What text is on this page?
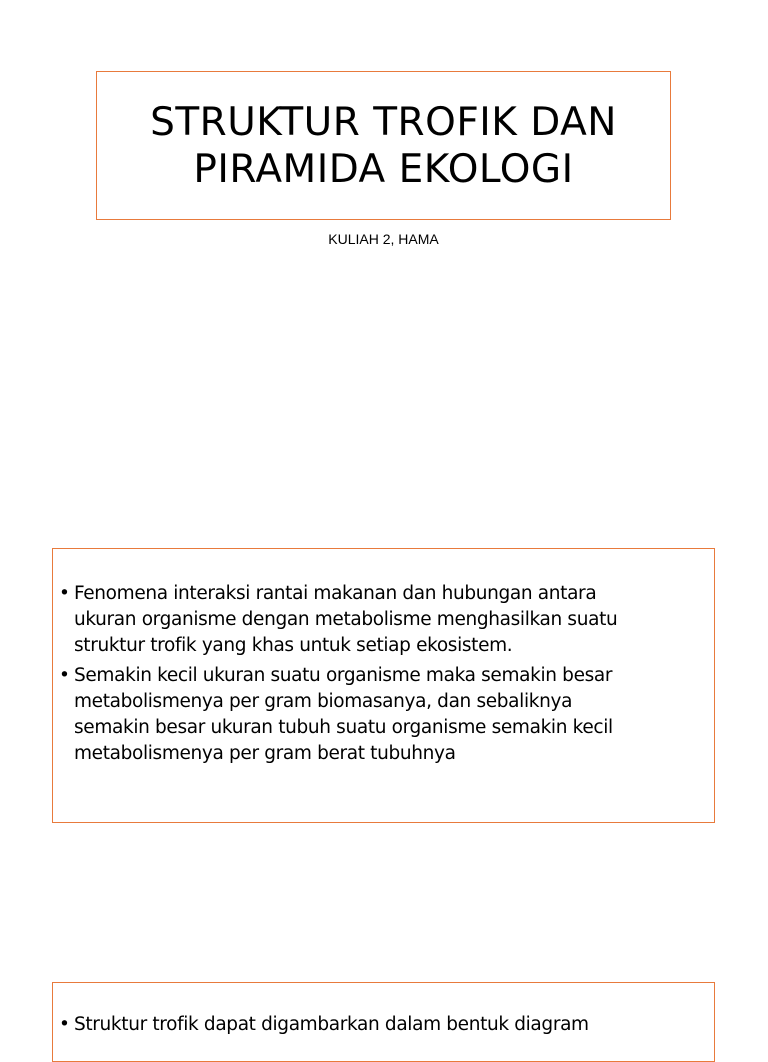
STRUKTUR TROFIK DAN
PIRAMIDA EKOLOGI
KULIAH 2, HAMA
• Fenomena interaksi rantai makanan dan hubungan antara
ukuran organisme dengan metabolisme menghasilkan suatu
struktur trofik yang khas untuk setiap ekosistem.
• Semakin kecil ukuran suatu organisme maka semakin besar
metabolismenya per gram biomasanya, dan sebaliknya
semakin besar ukuran tubuh suatu organisme semakin kecil
metabolismenya per gram berat tubuhnya
• Struktur trofik dapat digambarkan dalam bentuk diagram
